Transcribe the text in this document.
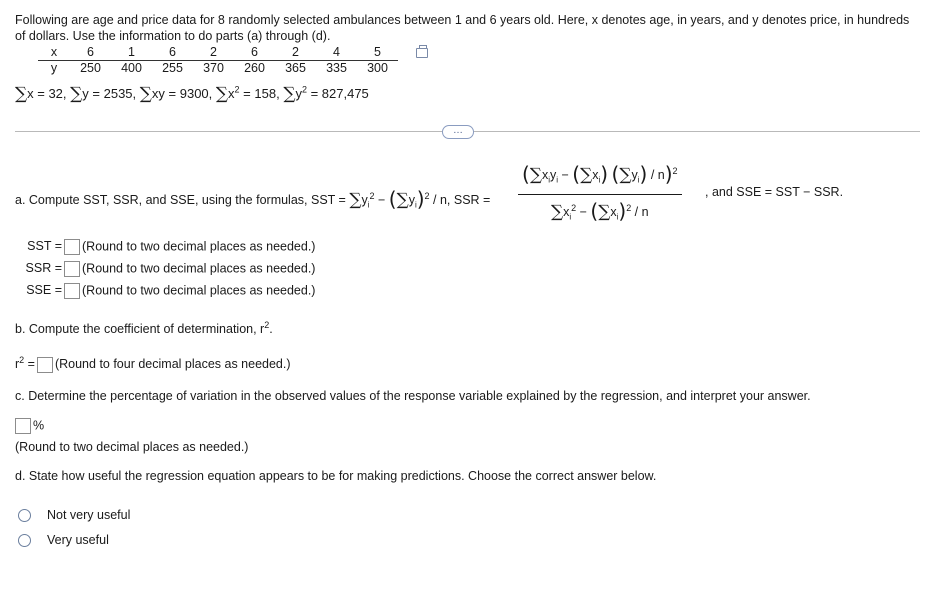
Following are age and price data for 8 randomly selected ambulances between 1 and 6 years old. Here, x denotes age, in years, and y denotes price, in hundreds of dollars. Use the information to do parts (a) through (d).
x	6	1	6	2	6	2	4	5
y	250	400	255	370	260	365	335	300
∑x = 32, ∑y = 2535, ∑xy = 9300, $\sum x^2 = 158$, $\sum y^2 = 827,475$
…
a. Compute SST, SSR, and SSE, using the formulas, SST = $\sum y_i^2 - (\sum y_i)^2 / n$, SSR =
($\sum x_iy_i - (\sum x_i)$ $(\sum y_i) / n)^2$
$\sum x_i^2 - (\sum x_i)^2 / n$
, and SSE = SST − SSR.
SST = (Round to two decimal places as needed.)
SSR = (Round to two decimal places as needed.)
SSE = (Round to two decimal places as needed.)
b. Compute the coefficient of determination, $r^2$.
$r^2$ = (Round to four decimal places as needed.)
c. Determine the percentage of variation in the observed values of the response variable explained by the regression, and interpret your answer.
%
(Round to two decimal places as needed.)
d. State how useful the regression equation appears to be for making predictions. Choose the correct answer below.
Not very useful
Very useful
